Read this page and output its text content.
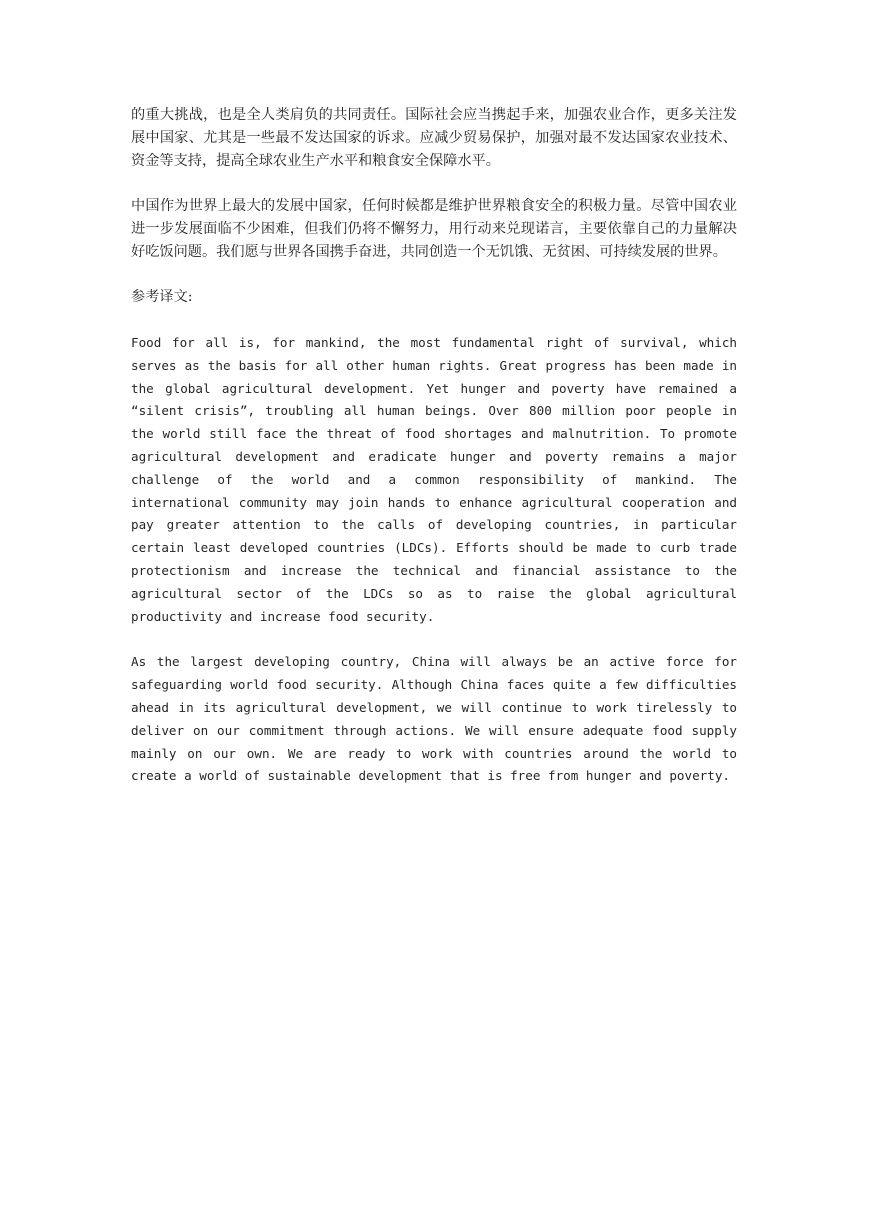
的重大挑战，也是全人类肩负的共同责任。国际社会应当携起手来，加强农业合作，更多关注发展中国家、尤其是一些最不发达国家的诉求。应减少贸易保护，加强对最不发达国家农业技术、资金等支持，提高全球农业生产水平和粮食安全保障水平。

中国作为世界上最大的发展中国家，任何时候都是维护世界粮食安全的积极力量。尽管中国农业进一步发展面临不少困难，但我们仍将不懈努力，用行动来兑现诺言，主要依靠自己的力量解决好吃饭问题。我们愿与世界各国携手奋进，共同创造一个无饥饿、无贫困、可持续发展的世界。

参考译文:

Food for all is, for mankind, the most fundamental right of survival, which serves as the basis for all other human rights. Great progress has been made in the global agricultural development. Yet hunger and poverty have remained a “silent crisis”, troubling all human beings. Over 800 million poor people in the world still face the threat of food shortages and malnutrition. To promote agricultural development and eradicate hunger and poverty remains a major challenge of the world and a common responsibility of mankind. The international community may join hands to enhance agricultural cooperation and pay greater attention to the calls of developing countries, in particular certain least developed countries (LDCs). Efforts should be made to curb trade protectionism and increase the technical and financial assistance to the agricultural sector of the LDCs so as to raise the global agricultural productivity and increase food security.

As the largest developing country, China will always be an active force for safeguarding world food security. Although China faces quite a few difficulties ahead in its agricultural development, we will continue to work tirelessly to deliver on our commitment through actions. We will ensure adequate food supply mainly on our own. We are ready to work with countries around the world to create a world of sustainable development that is free from hunger and poverty.
